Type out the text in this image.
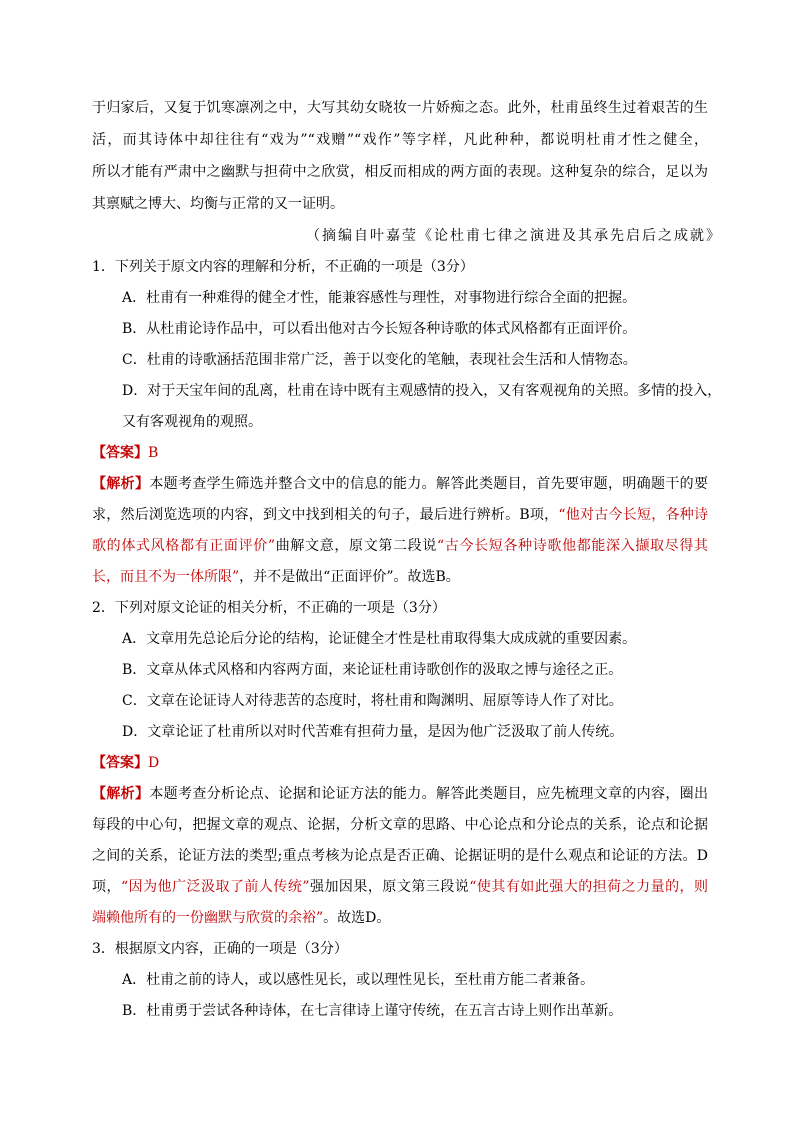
于归家后，又复于饥寒凛冽之中，大写其幼女晓妆一片娇痴之态。此外，杜甫虽终生过着艰苦的生
活，而其诗体中却往往有“戏为”“戏赠”“戏作”等字样，凡此种种，都说明杜甫才性之健全，
所以才能有严肃中之幽默与担荷中之欣赏，相反而相成的两方面的表现。这种复杂的综合，足以为
其禀赋之博大、均衡与正常的又一证明。
（摘编自叶嘉莹《论杜甫七律之演进及其承先启后之成就》
1．下列关于原文内容的理解和分析，不正确的一项是（3分）
A．杜甫有一种难得的健全才性，能兼容感性与理性，对事物进行综合全面的把握。
B．从杜甫论诗作品中，可以看出他对古今长短各种诗歌的体式风格都有正面评价。
C．杜甫的诗歌涵括范围非常广泛，善于以变化的笔触，表现社会生活和人情物态。
D．对于天宝年间的乱离，杜甫在诗中既有主观感情的投入，又有客观视角的关照。多情的投入，
又有客观视角的观照。
【答案】B
【解析】本题考查学生筛选并整合文中的信息的能力。解答此类题目，首先要审题，明确题干的要
求，然后浏览选项的内容，到文中找到相关的句子，最后进行辨析。B项，“他对古今长短，各种诗
歌的体式风格都有正面评价”曲解文意，原文第二段说“古今长短各种诗歌他都能深入撷取尽得其
长，而且不为一体所限”，并不是做出“正面评价”。故选B。
2．下列对原文论证的相关分析，不正确的一项是（3分）
A．文章用先总论后分论的结构，论证健全才性是杜甫取得集大成成就的重要因素。
B．文章从体式风格和内容两方面，来论证杜甫诗歌创作的汲取之博与途径之正。
C．文章在论证诗人对待悲苦的态度时，将杜甫和陶渊明、屈原等诗人作了对比。
D．文章论证了杜甫所以对时代苦难有担荷力量，是因为他广泛汲取了前人传统。
【答案】D
【解析】本题考查分析论点、论据和论证方法的能力。解答此类题目，应先梳理文章的内容，圈出
每段的中心句，把握文章的观点、论据，分析文章的思路、中心论点和分论点的关系，论点和论据
之间的关系，论证方法的类型;重点考核为论点是否正确、论据证明的是什么观点和论证的方法。D
项，“因为他广泛汲取了前人传统”强加因果，原文第三段说“使其有如此强大的担荷之力量的，则
端赖他所有的一份幽默与欣赏的余裕”。故选D。
3．根据原文内容，正确的一项是（3分）
A．杜甫之前的诗人，或以感性见长，或以理性见长，至杜甫方能二者兼备。
B．杜甫勇于尝试各种诗体，在七言律诗上谨守传统，在五言古诗上则作出革新。
